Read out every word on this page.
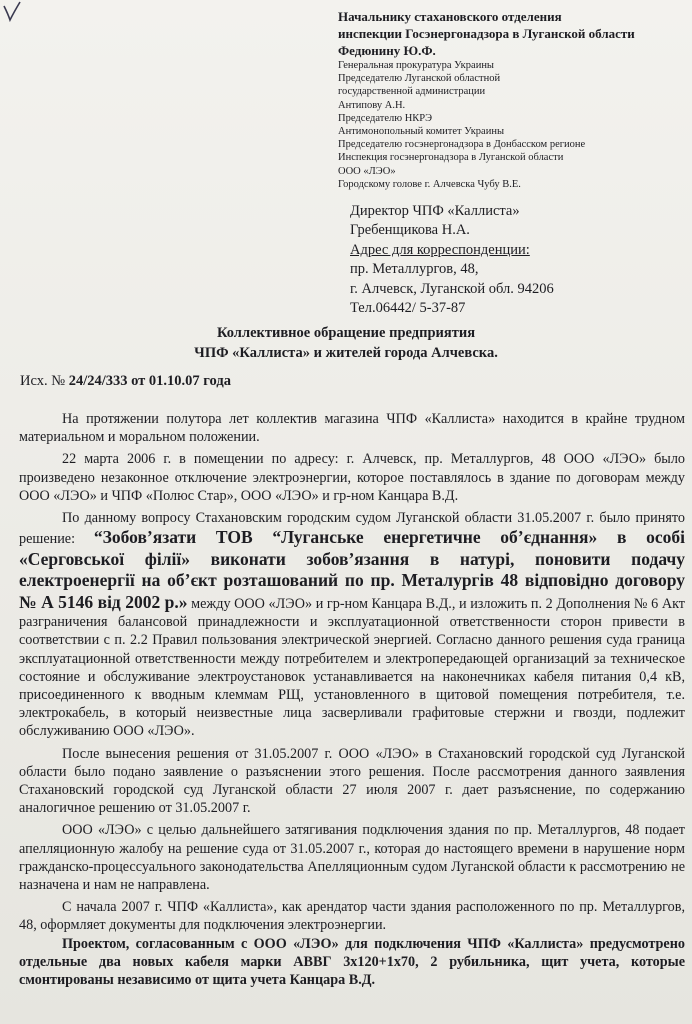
Начальнику стахановского отделения
инспекции Госэнергонадзора в Луганской области
Федюнину Ю.Ф.
Генеральная прокуратура Украины
Председателю Луганской областной
государственной администрации
Антипову А.Н.
Председателю НКРЭ
Антимонопольный комитет Украины
Председателю госэнергонадзора в Донбасском регионе
Инспекция госэнергонадзора в Луганской области
ООО «ЛЭО»
Городскому голове г. Алчевска Чубу В.Е.
Директор ЧПФ «Каллиста»
Гребенщикова Н.А.
Адрес для корреспонденции:
пр. Металлургов, 48,
г. Алчевск, Луганской обл. 94206
Тел.06442/ 5-37-87
Коллективное обращение предприятия
ЧПФ «Каллиста» и жителей города Алчевска.
Исх. № 24/24/333 от 01.10.07 года

На протяжении полутора лет коллектив магазина ЧПФ «Каллиста» находится в крайне трудном материальном и моральном положении.

22 марта 2006 г. в помещении по адресу: г. Алчевск, пр. Металлургов, 48 ООО «ЛЭО» было произведено незаконное отключение электроэнергии, которое поставлялось в здание по договорам между ООО «ЛЭО» и ЧПФ «Полюс Стар», ООО «ЛЭО» и гр-ном Канцара В.Д.

По данному вопросу Стахановским городским судом Луганской области 31.05.2007 г. было принято решение: “Зобов’язати ТОВ “Луганське енергетичне об’єднання» в особі «Серговської філії» виконати зобов’язання в натурі, поновити подачу електроенергії на об’єкт розташований по пр. Металургів 48 відповідно договору № А 5146 від 2002 р.» между ООО «ЛЭО» и гр-ном Канцара В.Д., и изложить п. 2 Дополнения № 6 Акт разграничения балансовой принадлежности и эксплуатационной ответственности сторон привести в соответствии с п. 2.2 Правил пользования электрической энергией. Согласно данного решения суда граница эксплуатационной ответственности между потребителем и электропередающей организаций за техническое состояние и обслуживание электроустановок устанавливается на наконечниках кабеля питания 0,4 кВ, присоединенного к вводным клеммам РЩ, установленного в щитовой помещения потребителя, т.е. электрокабель, в который неизвестные лица засверливали графитовые стержни и гвозди, подлежит обслуживанию ООО «ЛЭО».

После вынесения решения от 31.05.2007 г. ООО «ЛЭО» в Стахановский городской суд Луганской области было подано заявление о разъяснении этого решения. После рассмотрения данного заявления Стахановский городской суд Луганской области 27 июля 2007 г. дает разъяснение, по содержанию аналогичное решению от 31.05.2007 г.

ООО «ЛЭО» с целью дальнейшего затягивания подключения здания по пр. Металлургов, 48 подает апелляционную жалобу на решение суда от 31.05.2007 г., которая до настоящего времени в нарушение норм гражданско-процессуального законодательства Апелляционным судом Луганской области к рассмотрению не назначена и нам не направлена.

С начала 2007 г. ЧПФ «Каллиста», как арендатор части здания расположенного по пр. Металлургов, 48, оформляет документы для подключения электроэнергии.

Проектом, согласованным с ООО «ЛЭО» для подключения ЧПФ «Каллиста» предусмотрено отдельные два новых кабеля марки АВВГ 3х120+1х70, 2 рубильника, щит учета, которые смонтированы независимо от щита учета Канцара В.Д.
